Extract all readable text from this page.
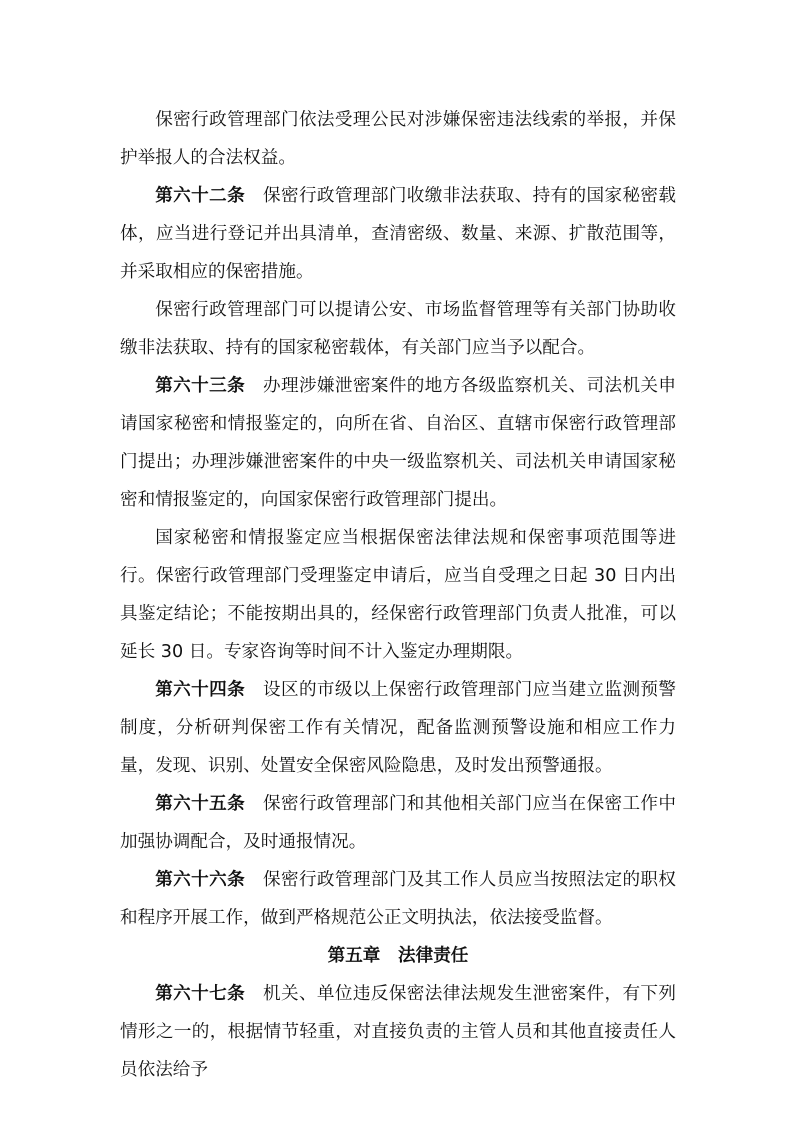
保密行政管理部门依法受理公民对涉嫌保密违法线索的举报，并保护举报人的合法权益。

第六十二条 保密行政管理部门收缴非法获取、持有的国家秘密载体，应当进行登记并出具清单，查清密级、数量、来源、扩散范围等，并采取相应的保密措施。

保密行政管理部门可以提请公安、市场监督管理等有关部门协助收缴非法获取、持有的国家秘密载体，有关部门应当予以配合。

第六十三条 办理涉嫌泄密案件的地方各级监察机关、司法机关申请国家秘密和情报鉴定的，向所在省、自治区、直辖市保密行政管理部门提出；办理涉嫌泄密案件的中央一级监察机关、司法机关申请国家秘密和情报鉴定的，向国家保密行政管理部门提出。

国家秘密和情报鉴定应当根据保密法律法规和保密事项范围等进行。保密行政管理部门受理鉴定申请后，应当自受理之日起 30 日内出具鉴定结论；不能按期出具的，经保密行政管理部门负责人批准，可以延长 30 日。专家咨询等时间不计入鉴定办理期限。

第六十四条 设区的市级以上保密行政管理部门应当建立监测预警制度，分析研判保密工作有关情况，配备监测预警设施和相应工作力量，发现、识别、处置安全保密风险隐患，及时发出预警通报。

第六十五条 保密行政管理部门和其他相关部门应当在保密工作中加强协调配合，及时通报情况。

第六十六条 保密行政管理部门及其工作人员应当按照法定的职权和程序开展工作，做到严格规范公正文明执法，依法接受监督。

第五章 法律责任

第六十七条 机关、单位违反保密法律法规发生泄密案件，有下列情形之一的，根据情节轻重，对直接负责的主管人员和其他直接责任人员依法给予
